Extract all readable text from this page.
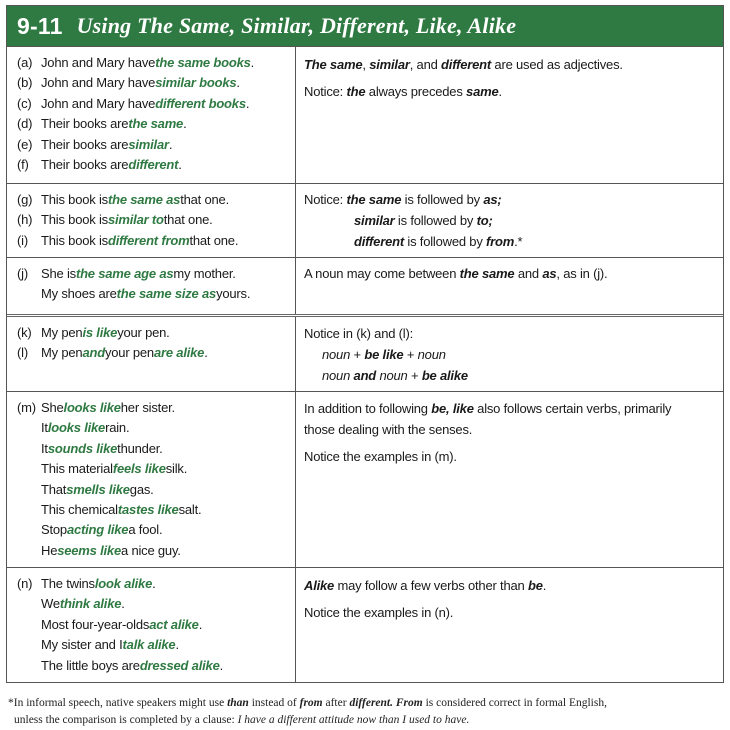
9-11 Using The Same, Similar, Different, Like, Alike
(a) John and Mary have the same books .
(b) John and Mary have similar books .
(c) John and Mary have different books .
(d) Their books are the same .
(e) Their books are similar .
(f) Their books are different .
The same, similar, and different are used as adjectives.
Notice: the always precedes same.
(g) This book is the same as that one.
(h) This book is similar to that one.
(i)	This book is different from that one.
Notice: the same is followed by as;
similar is followed by to;
different is followed by from.*
(j)	She is the same age as my mother.
My shoes are the same size as yours.
A noun may come between the same and as, as in (j).
(k) My pen is like your pen.
(l)	My pen and your pen are alike .
Notice in (k) and (l):
noun + be like + noun
noun and noun + be alike
(m) She looks like her sister.
It looks like rain.
It sounds like thunder.
This material feels like silk.
That smells like gas.
This chemical tastes like salt.
Stop acting like a fool.
He seems like a nice guy.
In addition to following be, like also follows certain verbs, primarily
those dealing with the senses.
Notice the examples in (m).
(n) The twins look alike .
We think alike .
Most four-year-olds act alike .
My sister and I talk alike .
The little boys are dressed alike .
Alike may follow a few verbs other than be.
Notice the examples in (n).
*In informal speech, native speakers might use than instead of from after different. From is considered correct in formal English,
unless the comparison is completed by a clause: I have a different attitude now than I used to have.
